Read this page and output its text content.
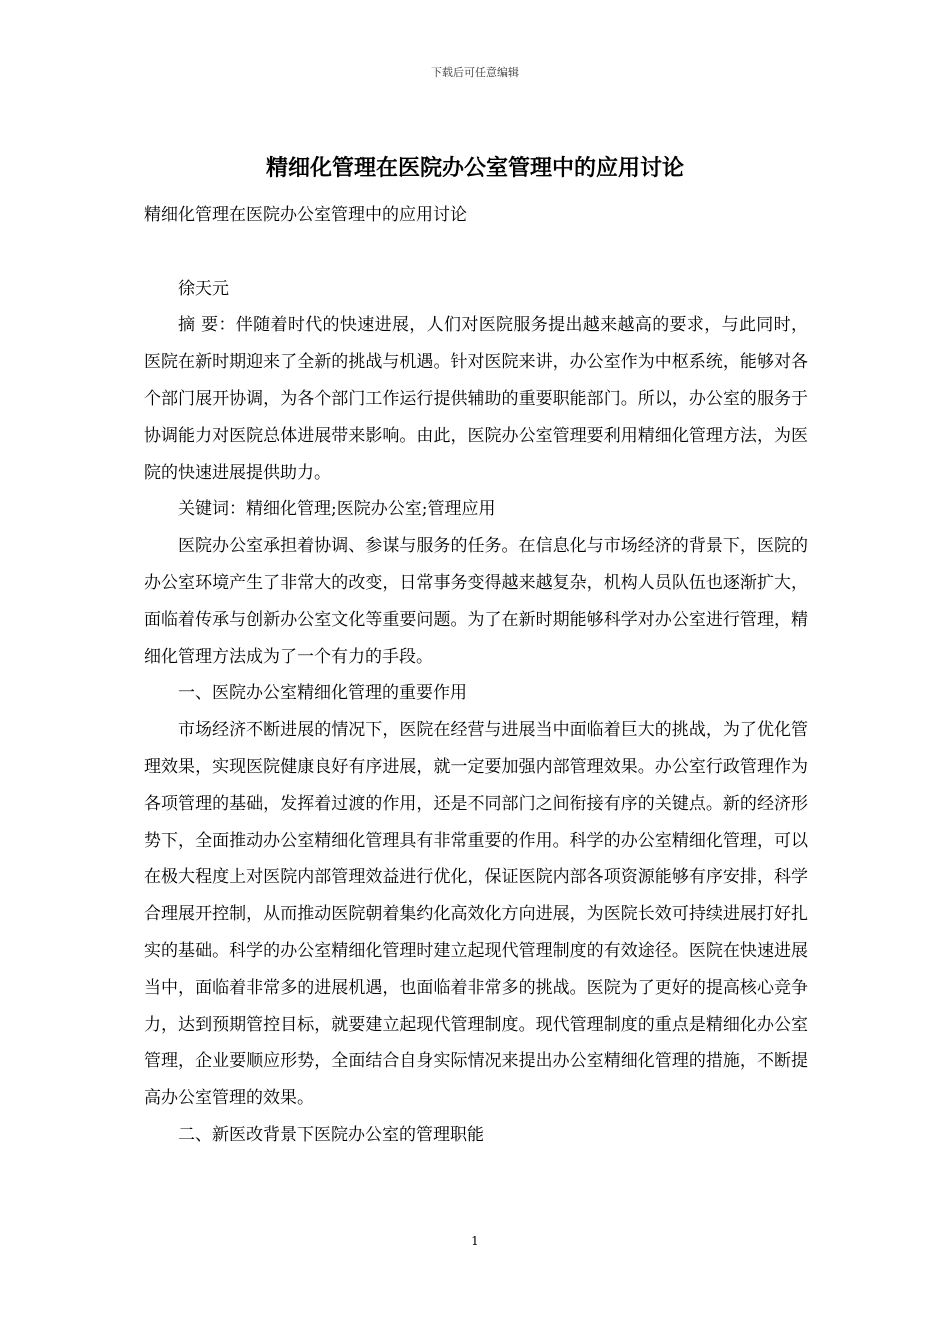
下载后可任意编辑
精细化管理在医院办公室管理中的应用讨论

精细化管理在医院办公室管理中的应用讨论

徐天元

摘 要：伴随着时代的快速进展，人们对医院服务提出越来越高的要求，与此同时，医院在新时期迎来了全新的挑战与机遇。针对医院来讲，办公室作为中枢系统，能够对各个部门展开协调，为各个部门工作运行提供辅助的重要职能部门。所以，办公室的服务于协调能力对医院总体进展带来影响。由此，医院办公室管理要利用精细化管理方法，为医院的快速进展提供助力。

关键词：精细化管理;医院办公室;管理应用

医院办公室承担着协调、参谋与服务的任务。在信息化与市场经济的背景下，医院的办公室环境产生了非常大的改变，日常事务变得越来越复杂，机构人员队伍也逐渐扩大，面临着传承与创新办公室文化等重要问题。为了在新时期能够科学对办公室进行管理，精细化管理方法成为了一个有力的手段。

一、医院办公室精细化管理的重要作用

市场经济不断进展的情况下，医院在经营与进展当中面临着巨大的挑战，为了优化管理效果，实现医院健康良好有序进展，就一定要加强内部管理效果。办公室行政管理作为各项管理的基础，发挥着过渡的作用，还是不同部门之间衔接有序的关键点。新的经济形势下，全面推动办公室精细化管理具有非常重要的作用。科学的办公室精细化管理，可以在极大程度上对医院内部管理效益进行优化，保证医院内部各项资源能够有序安排，科学合理展开控制，从而推动医院朝着集约化高效化方向进展，为医院长效可持续进展打好扎实的基础。科学的办公室精细化管理时建立起现代管理制度的有效途径。医院在快速进展当中，面临着非常多的进展机遇，也面临着非常多的挑战。医院为了更好的提高核心竞争力，达到预期管控目标，就要建立起现代管理制度。现代管理制度的重点是精细化办公室管理，企业要顺应形势，全面结合自身实际情况来提出办公室精细化管理的措施，不断提高办公室管理的效果。

二、新医改背景下医院办公室的管理职能

1
